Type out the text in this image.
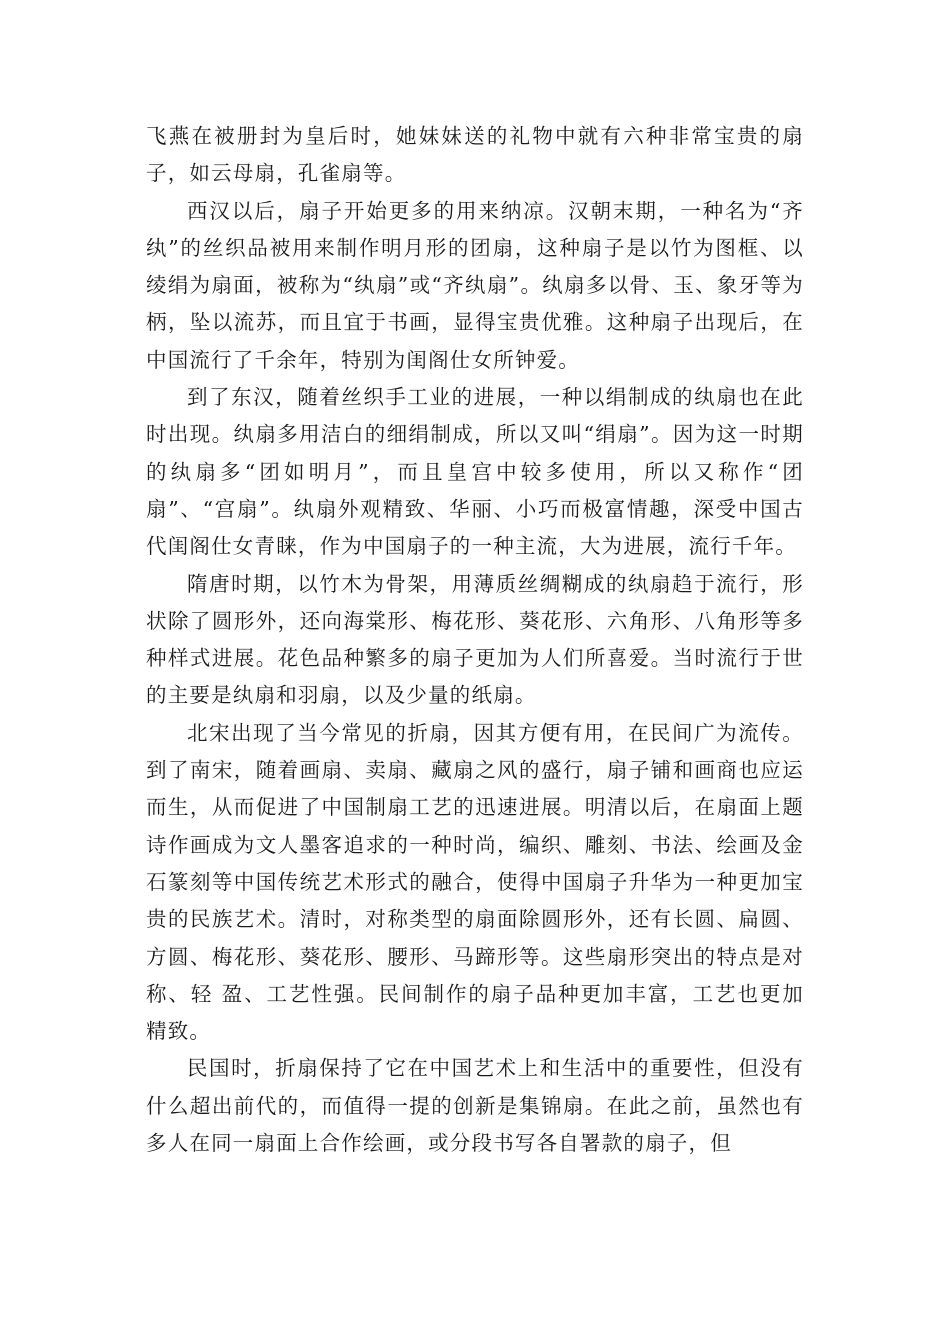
飞燕在被册封为皇后时，她妹妹送的礼物中就有六种非常宝贵的扇子，如云母扇，孔雀扇等。

西汉以后，扇子开始更多的用来纳凉。汉朝末期，一种名为“齐纨”的丝织品被用来制作明月形的团扇，这种扇子是以竹为图框、以绫绢为扇面，被称为“纨扇”或“齐纨扇”。纨扇多以骨、玉、象牙等为柄，坠以流苏，而且宜于书画，显得宝贵优雅。这种扇子出现后，在中国流行了千余年，特别为闺阁仕女所钟爱。

到了东汉，随着丝织手工业的进展，一种以绢制成的纨扇也在此时出现。纨扇多用洁白的细绢制成，所以又叫“绢扇”。因为这一时期的纨扇多“团如明月”，而且皇宫中较多使用，所以又称作“团扇”、“宫扇”。纨扇外观精致、华丽、小巧而极富情趣，深受中国古代闺阁仕女青睐，作为中国扇子的一种主流，大为进展，流行千年。

隋唐时期，以竹木为骨架，用薄质丝绸糊成的纨扇趋于流行，形状除了圆形外，还向海棠形、梅花形、葵花形、六角形、八角形等多种样式进展。花色品种繁多的扇子更加为人们所喜爱。当时流行于世的主要是纨扇和羽扇，以及少量的纸扇。

北宋出现了当今常见的折扇，因其方便有用，在民间广为流传。到了南宋，随着画扇、卖扇、藏扇之风的盛行，扇子铺和画商也应运而生，从而促进了中国制扇工艺的迅速进展。明清以后，在扇面上题诗作画成为文人墨客追求的一种时尚，编织、雕刻、书法、绘画及金石篆刻等中国传统艺术形式的融合，使得中国扇子升华为一种更加宝贵的民族艺术。清时，对称类型的扇面除圆形外，还有长圆、扁圆、方圆、梅花形、葵花形、腰形、马蹄形等。这些扇形突出的特点是对称、轻 盈、工艺性强。民间制作的扇子品种更加丰富，工艺也更加精致。

民国时，折扇保持了它在中国艺术上和生活中的重要性，但没有什么超出前代的，而值得一提的创新是集锦扇。在此之前，虽然也有多人在同一扇面上合作绘画，或分段书写各自署款的扇子，但
